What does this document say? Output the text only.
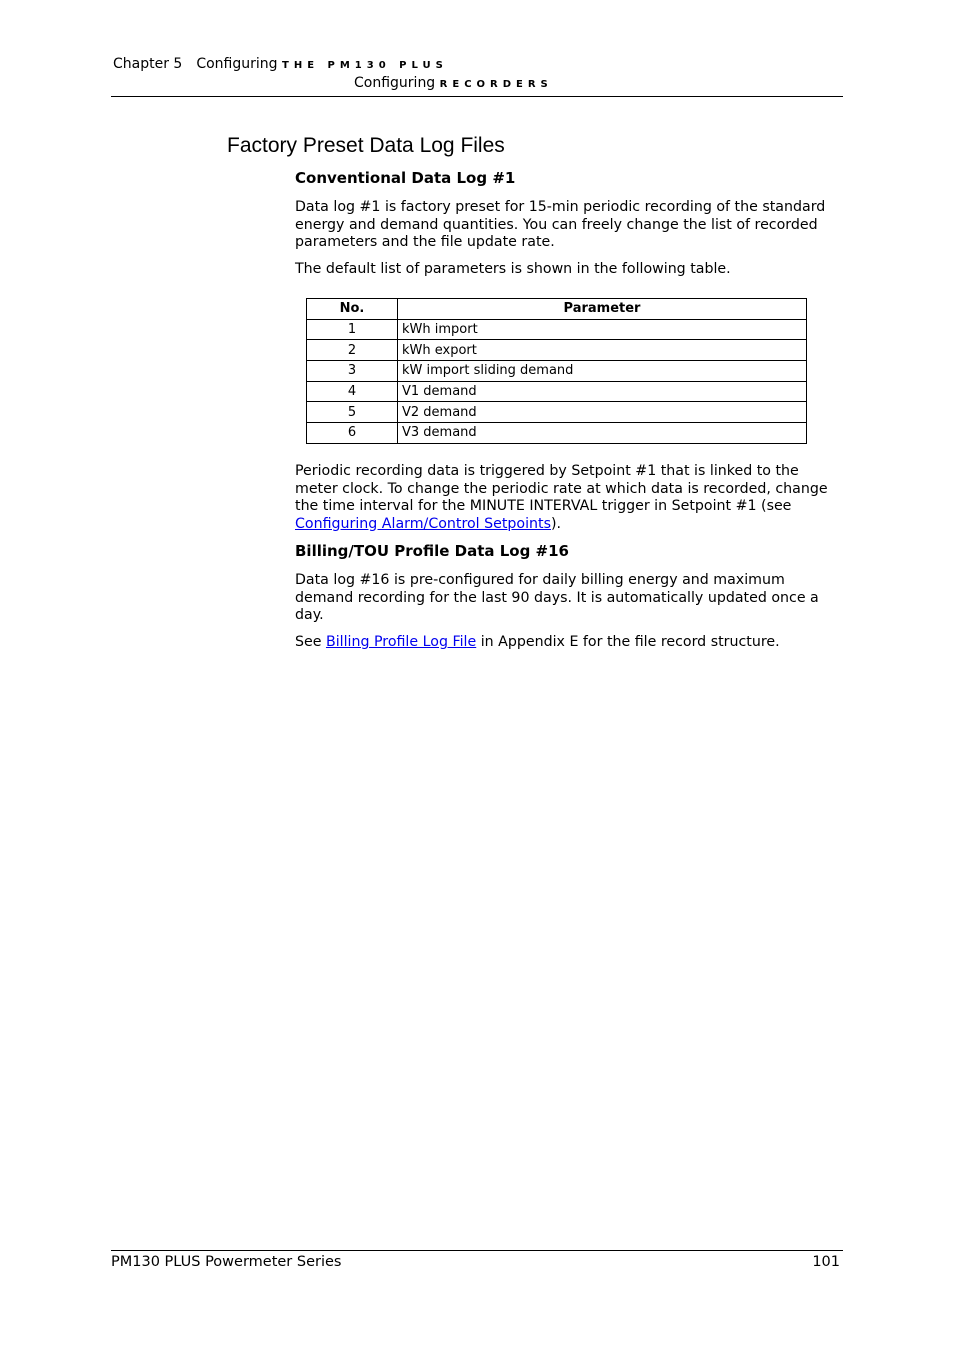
Chapter 5 Configuring THE PM130 PLUS
Configuring RECORDERS
Factory Preset Data Log Files
Conventional Data Log #1

Data log #1 is factory preset for 15-min periodic recording of the standard energy and demand quantities. You can freely change the list of recorded parameters and the file update rate.

The default list of parameters is shown in the following table.

No.	Parameter
1	kWh import
2	kWh export
3	kW import sliding demand
4	V1 demand
5	V2 demand
6	V3 demand

Periodic recording data is triggered by Setpoint #1 that is linked to the meter clock. To change the periodic rate at which data is recorded, change the time interval for the MINUTE INTERVAL trigger in Setpoint #1 (see Configuring Alarm/Control Setpoints).

Billing/TOU Profile Data Log #16

Data log #16 is pre-configured for daily billing energy and maximum demand recording for the last 90 days. It is automatically updated once a day.

See Billing Profile Log File in Appendix E for the file record structure.

PM130 PLUS Powermeter Series	101
